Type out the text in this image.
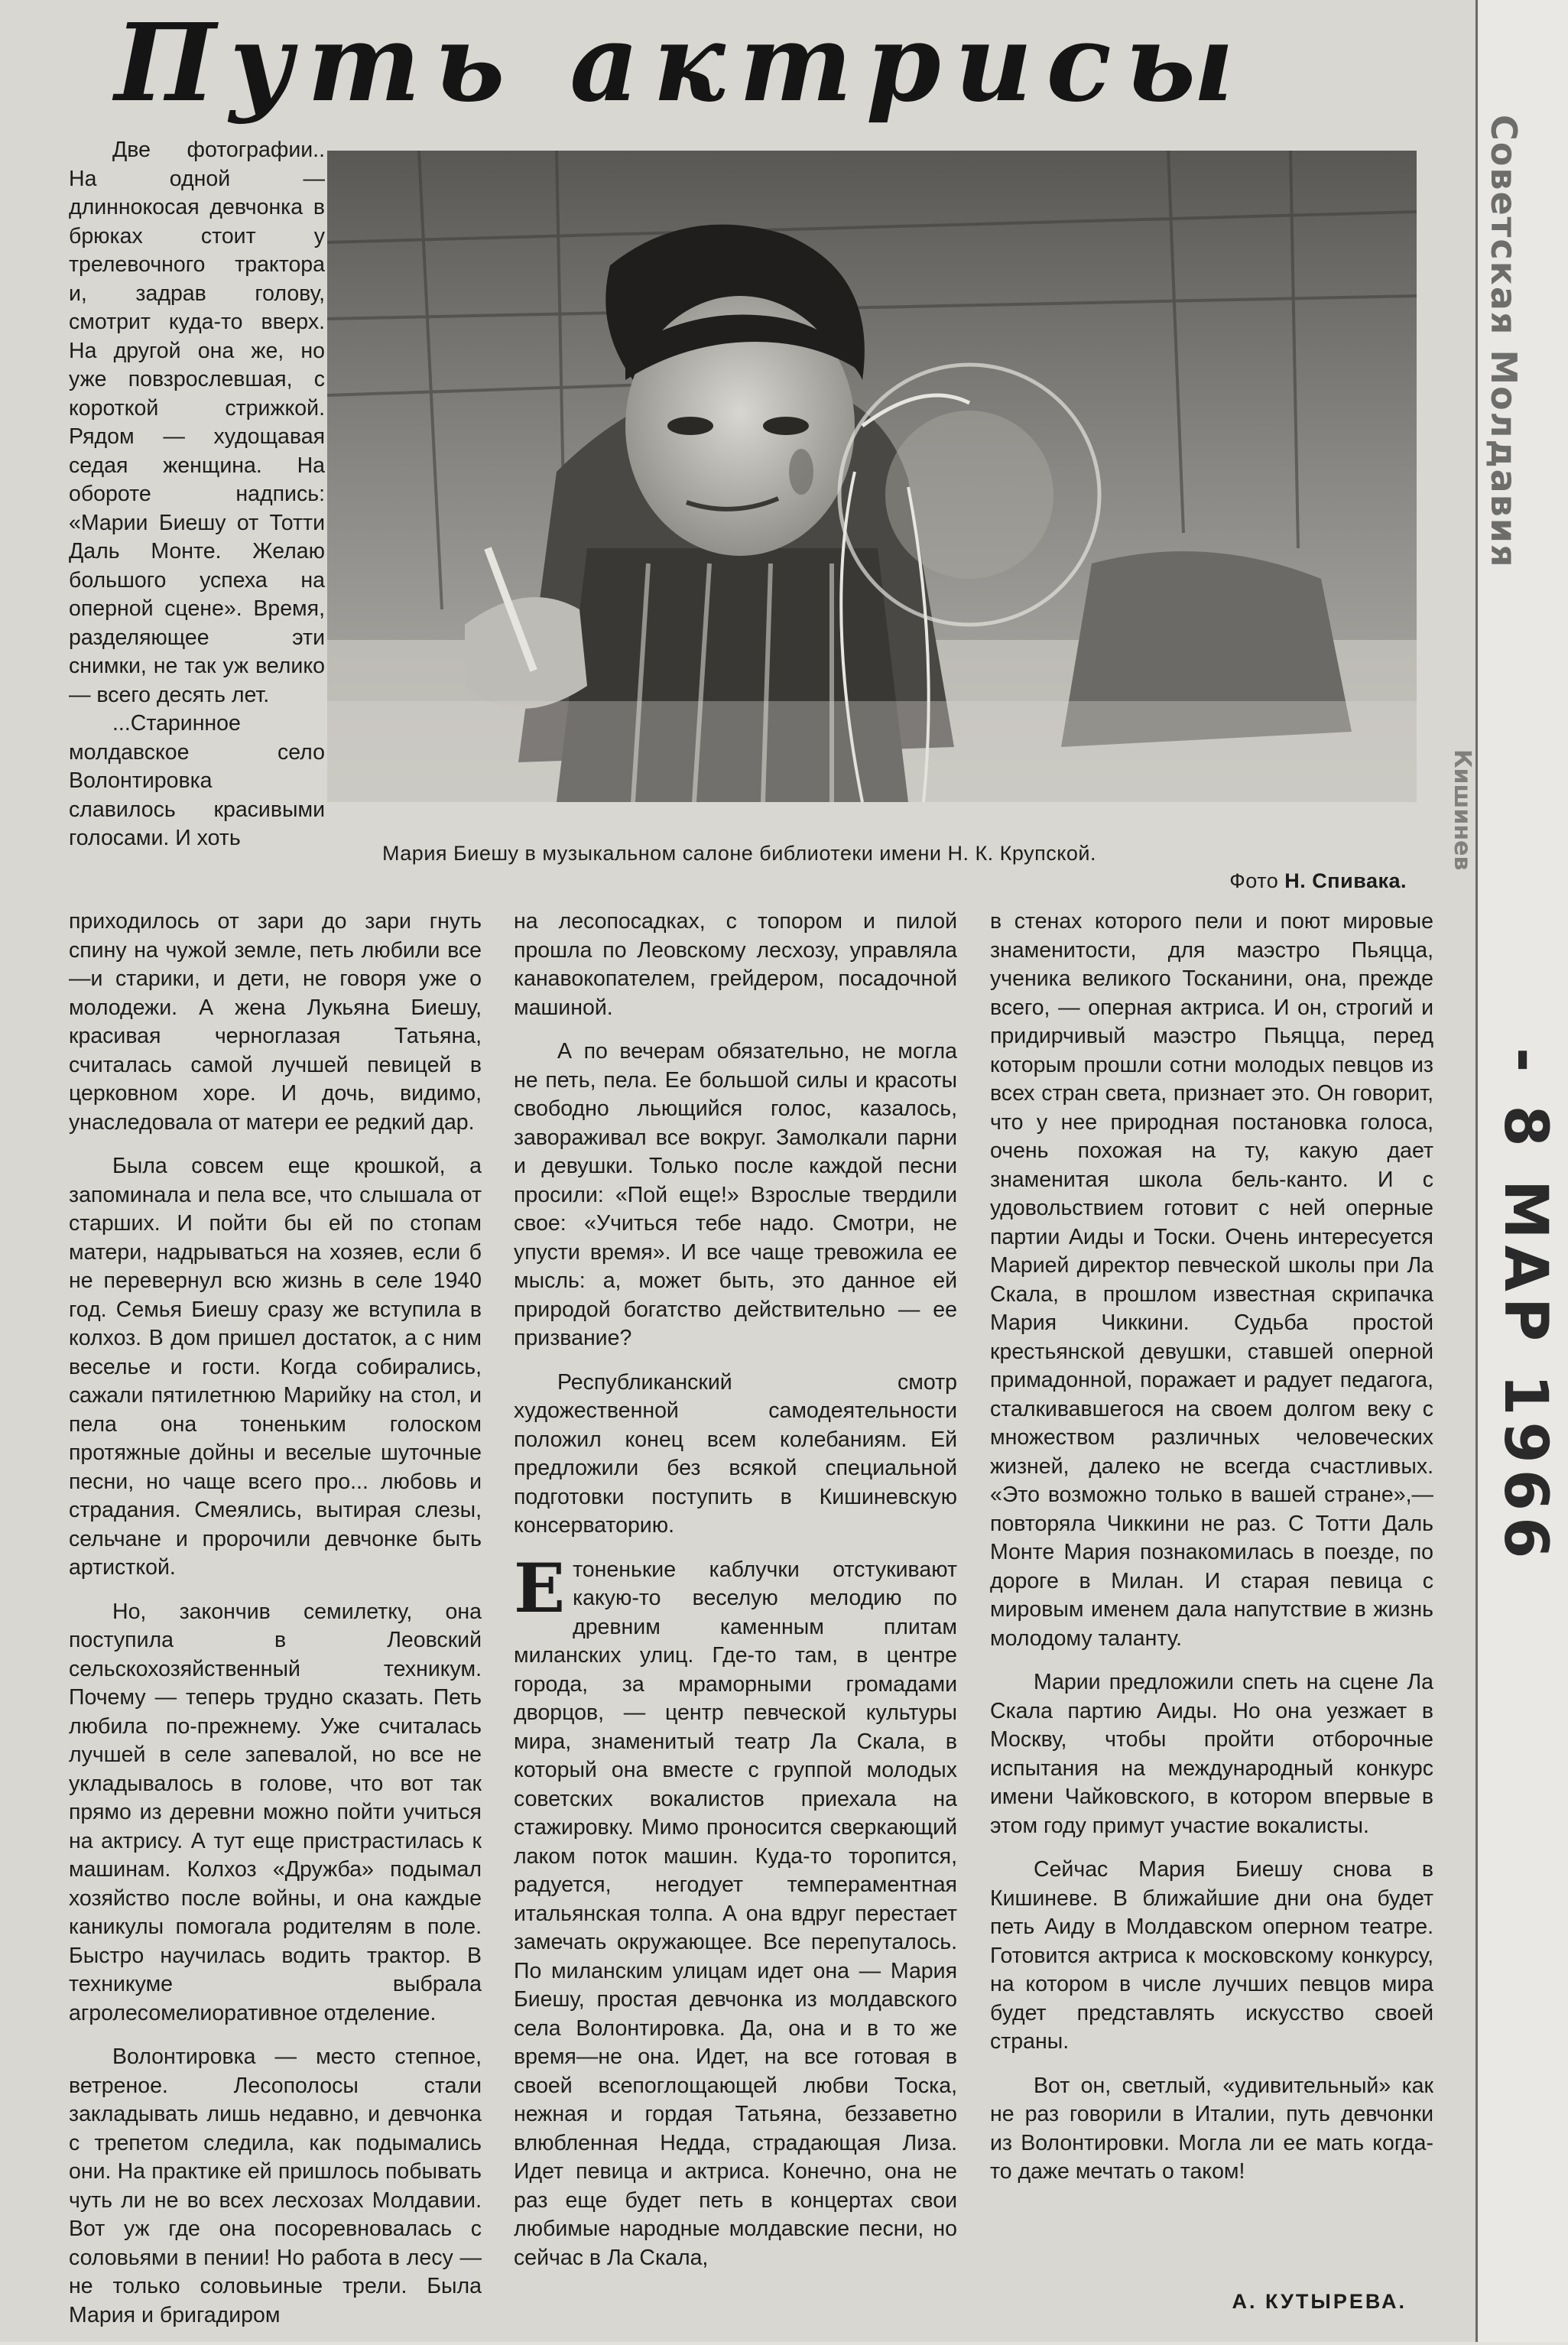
Советская Молдавия
Кишинев
- 8 МАР 1966
Путь актрисы
Мария Биешу в музыкальном салоне библиотеки имени Н. К. Крупской.
Фото Н. Спивака.

Две фотографии.. На одной — длиннокосая девчонка в брюках стоит у трелевочного трактора и, задрав голову, смотрит куда-то вверх. На другой она же, но уже повзрослевшая, с короткой стрижкой. Рядом — худощавая седая женщина. На обороте надпись: «Марии Биешу от Тотти Даль Монте. Желаю большого успеха на оперной сцене». Время, разделяющее эти снимки, не так уж велико — всего десять лет.

...Старинное молдавское село Волонтировка славилось красивыми голосами. И хоть

приходилось от зари до зари гнуть спину на чужой земле, петь любили все—и старики, и дети, не говоря уже о молодежи. А жена Лукьяна Биешу, красивая черноглазая Татьяна, считалась самой лучшей певицей в церковном хоре. И дочь, видимо, унаследовала от матери ее редкий дар.

Была совсем еще крошкой, а запоминала и пела все, что слышала от старших. И пойти бы ей по стопам матери, надрываться на хозяев, если б не перевернул всю жизнь в селе 1940 год. Семья Биешу сразу же вступила в колхоз. В дом пришел достаток, а с ним веселье и гости. Когда собирались, сажали пятилетнюю Марийку на стол, и пела она тоненьким голоском протяжные дойны и веселые шуточные песни, но чаще всего про... любовь и страдания. Смеялись, вытирая слезы, сельчане и пророчили девчонке быть артисткой.

Но, закончив семилетку, она поступила в Леовский сельскохозяйственный техникум. Почему — теперь трудно сказать. Петь любила по-прежнему. Уже считалась лучшей в селе запевалой, но все не укладывалось в голове, что вот так прямо из деревни можно пойти учиться на актрису. А тут еще пристрастилась к машинам. Колхоз «Дружба» подымал хозяйство после войны, и она каждые каникулы помогала родителям в поле. Быстро научилась водить трактор. В техникуме выбрала агролесомелиоративное отделение.

Волонтировка — место степное, ветреное. Лесополосы стали закладывать лишь недавно, и девчонка с трепетом следила, как подымались они. На практике ей пришлось побывать чуть ли не во всех лесхозах Молдавии. Вот уж где она посоревновалась с соловьями в пении! Но работа в лесу — не только соловьиные трели. Была Мария и бригадиром

на лесопосадках, с топором и пилой прошла по Леовскому лесхозу, управляла канавокопателем, грейдером, посадочной машиной.

А по вечерам обязательно, не могла не петь, пела. Ее большой силы и красоты свободно льющийся голос, казалось, завораживал все вокруг. Замолкали парни и девушки. Только после каждой песни просили: «Пой еще!» Взрослые твердили свое: «Учиться тебе надо. Смотри, не упусти время». И все чаще тревожила ее мысль: а, может быть, это данное ей природой богатство действительно — ее призвание?

Республиканский смотр художественной самодеятельности положил конец всем колебаниям. Ей предложили без всякой специальной подготовки поступить в Кишиневскую консерваторию.

Е тоненькие каблучки отстукивают какую-то веселую мелодию по древним каменным плитам миланских улиц. Где-то там, в центре города, за мраморными громадами дворцов, — центр певческой культуры мира, знаменитый театр Ла Скала, в который она вместе с группой молодых советских вокалистов приехала на стажировку. Мимо проносится сверкающий лаком поток машин. Куда-то торопится, радуется, негодует темпераментная итальянская толпа. А она вдруг перестает замечать окружающее. Все перепуталось. По миланским улицам идет она — Мария Биешу, простая девчонка из молдавского села Волонтировка. Да, она и в то же время—не она. Идет, на все готовая в своей всепоглощающей любви Тоска, нежная и гордая Татьяна, беззаветно влюбленная Недда, страдающая Лиза. Идет певица и актриса. Конечно, она не раз еще будет петь в концертах свои любимые народные молдавские песни, но сейчас в Ла Скала,

в стенах которого пели и поют мировые знаменитости, для маэстро Пьяцца, ученика великого Тосканини, она, прежде всего, — оперная актриса. И он, строгий и придирчивый маэстро Пьяцца, перед которым прошли сотни молодых певцов из всех стран света, признает это. Он говорит, что у нее природная постановка голоса, очень похожая на ту, какую дает знаменитая школа бель-канто. И с удовольствием готовит с ней оперные партии Аиды и Тоски. Очень интересуется Марией директор певческой школы при Ла Скала, в прошлом известная скрипачка Мария Чиккини. Судьба простой крестьянской девушки, ставшей оперной примадонной, поражает и радует педагога, сталкивавшегося на своем долгом веку с множеством различных человеческих жизней, далеко не всегда счастливых. «Это возможно только в вашей стране»,—повторяла Чиккини не раз. С Тотти Даль Монте Мария познакомилась в поезде, по дороге в Милан. И старая певица с мировым именем дала напутствие в жизнь молодому таланту.

Марии предложили спеть на сцене Ла Скала партию Аиды. Но она уезжает в Москву, чтобы пройти отборочные испытания на международный конкурс имени Чайковского, в котором впервые в этом году примут участие вокалисты.

Сейчас Мария Биешу снова в Кишиневе. В ближайшие дни она будет петь Аиду в Молдавском оперном театре. Готовится актриса к московскому конкурсу, на котором в числе лучших певцов мира будет представлять искусство своей страны.

Вот он, светлый, «удивительный» как не раз говорили в Италии, путь девчонки из Волонтировки. Могла ли ее мать когда-то даже мечтать о таком!

А. КУТЫРЕВА.
